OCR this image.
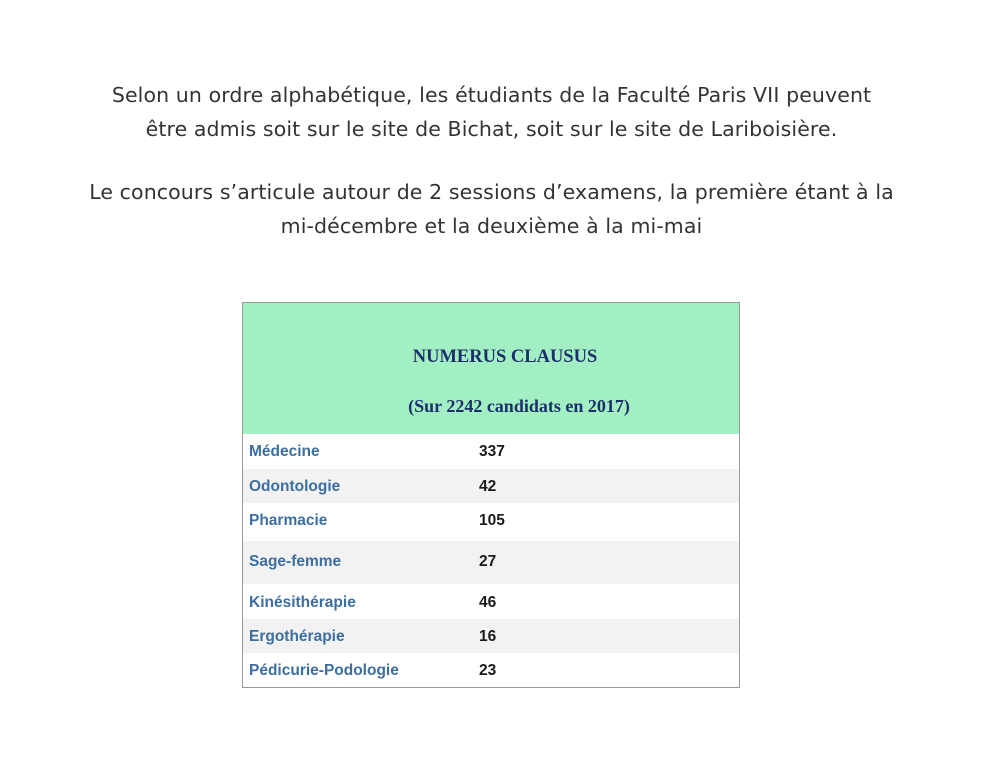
Selon un ordre alphabétique, les étudiants de la Faculté Paris VII peuvent
être admis soit sur le site de Bichat, soit sur le site de Lariboisière.
Le concours s’articule autour de 2 sessions d’examens, la première étant à la
mi-décembre et la deuxième à la mi-mai
NUMERUS CLAUSUS
(Sur 2242 candidats en 2017)
Médecine	337
Odontologie	42
Pharmacie	105
Sage-femme	27
Kinésithérapie	46
Ergothérapie	16
Pédicurie-Podologie	23
